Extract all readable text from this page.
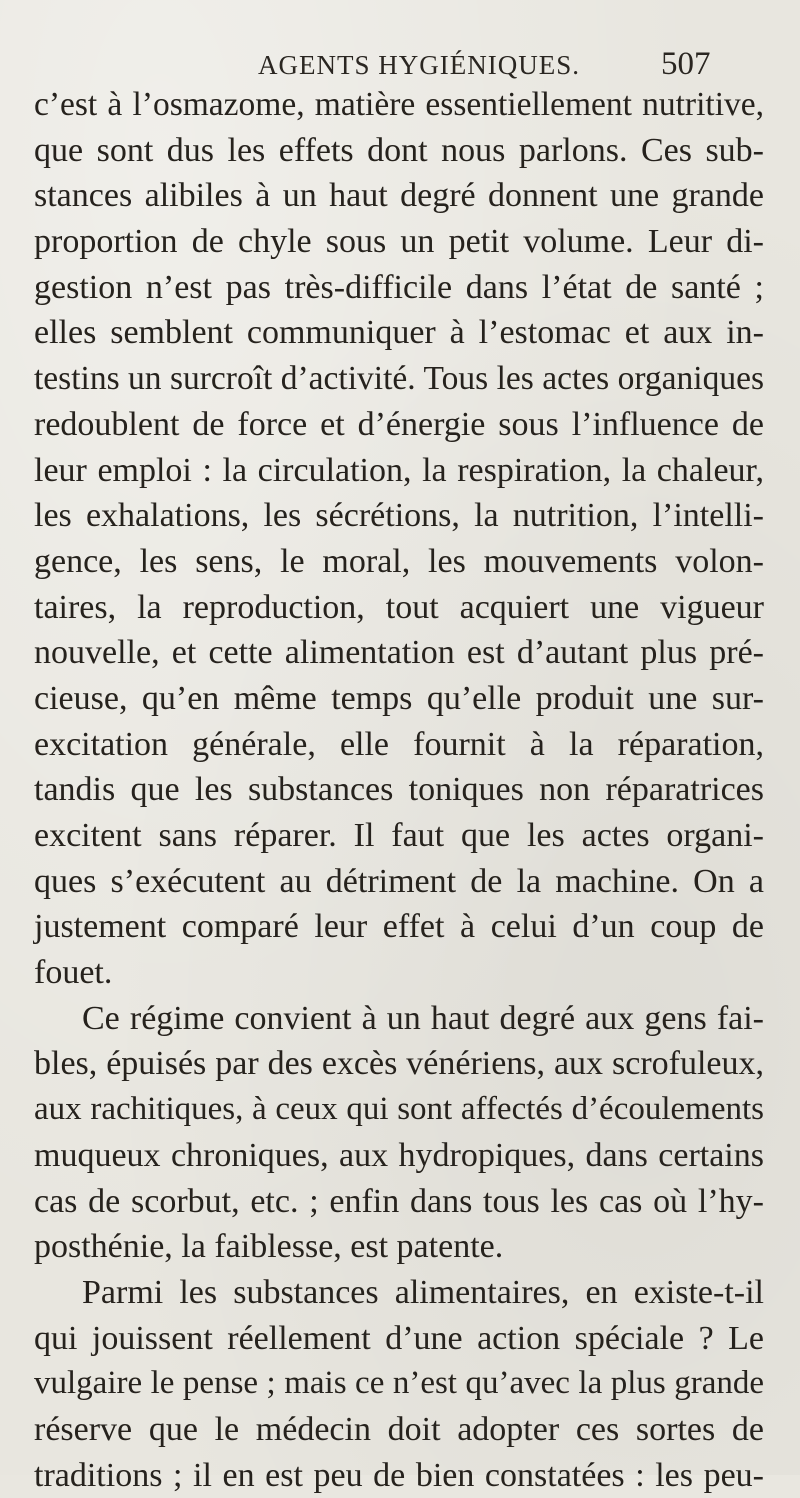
AGENTS HYGIÉNIQUES. 507
c’est à l’osmazome, matière essentiellement nutritive,
que sont dus les effets dont nous parlons. Ces sub-
stances alibiles à un haut degré donnent une grande
proportion de chyle sous un petit volume. Leur di-
gestion n’est pas très-difficile dans l’état de santé ;
elles semblent communiquer à l’estomac et aux in-
testins un surcroît d’activité. Tous les actes organiques
redoublent de force et d’énergie sous l’influence de
leur emploi : la circulation, la respiration, la chaleur,
les exhalations, les sécrétions, la nutrition, l’intelli-
gence, les sens, le moral, les mouvements volon-
taires, la reproduction, tout acquiert une vigueur
nouvelle, et cette alimentation est d’autant plus pré-
cieuse, qu’en même temps qu’elle produit une sur-
excitation générale, elle fournit à la réparation,
tandis que les substances toniques non réparatrices
excitent sans réparer. Il faut que les actes organi-
ques s’exécutent au détriment de la machine. On a
justement comparé leur effet à celui d’un coup de
fouet.
Ce régime convient à un haut degré aux gens fai-
bles, épuisés par des excès vénériens, aux scrofuleux,
aux rachitiques, à ceux qui sont affectés d’écoulements
muqueux chroniques, aux hydropiques, dans certains
cas de scorbut, etc. ; enfin dans tous les cas où l’hy-
posthénie, la faiblesse, est patente.
Parmi les substances alimentaires, en existe-t-il
qui jouissent réellement d’une action spéciale ? Le
vulgaire le pense ; mais ce n’est qu’avec la plus grande
réserve que le médecin doit adopter ces sortes de
traditions ; il en est peu de bien constatées : les peu-
